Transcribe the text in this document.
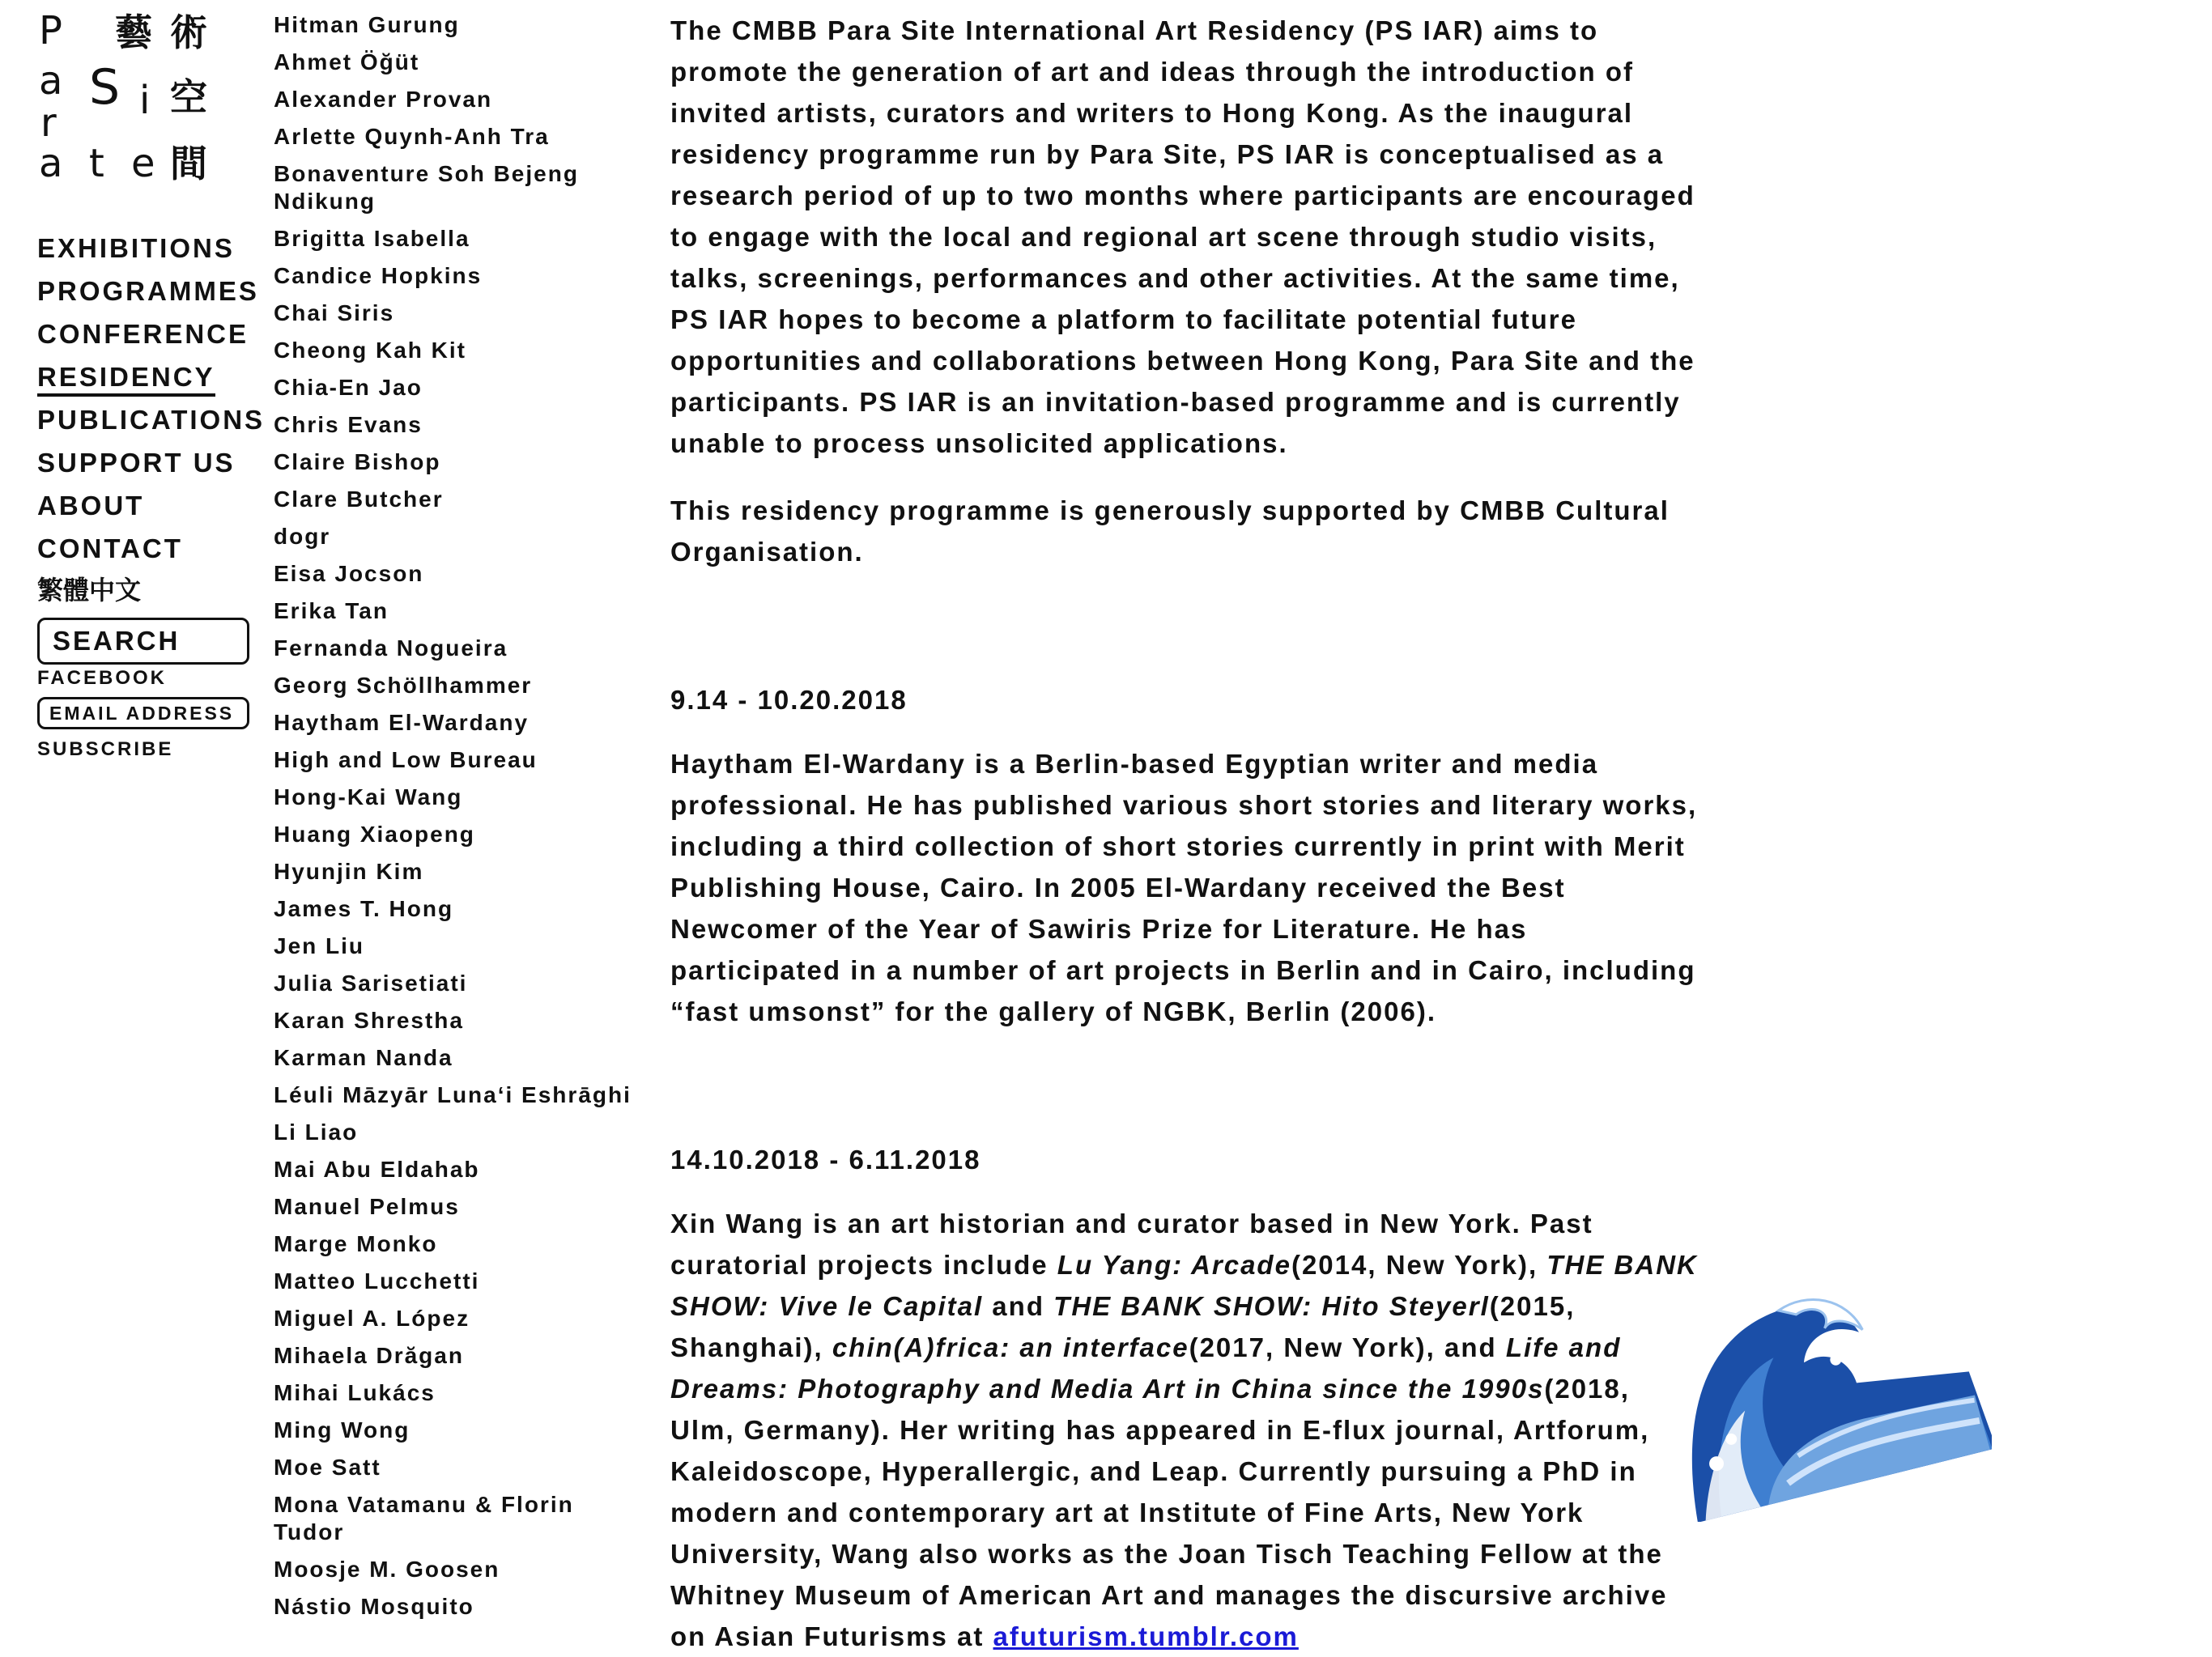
P
a
r
a
S i
t e
藝 術
空
間
EXHIBITIONS
PROGRAMMES
CONFERENCE
RESIDENCY
PUBLICATIONS
SUPPORT US
ABOUT
CONTACT
繁體中文
SEARCH
FACEBOOK
EMAIL ADDRESS
SUBSCRIBE
Hitman Gurung
Ahmet Öğüt
Alexander Provan
Arlette Quynh-Anh Tra
Bonaventure Soh Bejeng Ndikung
Brigitta Isabella
Candice Hopkins
Chai Siris
Cheong Kah Kit
Chia-En Jao
Chris Evans
Claire Bishop
Clare Butcher
dogr
Eisa Jocson
Erika Tan
Fernanda Nogueira
Georg Schöllhammer
Haytham El-Wardany
High and Low Bureau
Hong-Kai Wang
Huang Xiaopeng
Hyunjin Kim
James T. Hong
Jen Liu
Julia Sarisetiati
Karan Shrestha
Karman Nanda
Léuli Māzyār Luna‘i Eshrāghi
Li Liao
Mai Abu Eldahab
Manuel Pelmus
Marge Monko
Matteo Lucchetti
Miguel A. López
Mihaela Drăgan
Mihai Lukács
Ming Wong
Moe Satt
Mona Vatamanu & Florin Tudor
Moosje M. Goosen
Nástio Mosquito

The CMBB Para Site International Art Residency (PS IAR) aims to promote the generation of art and ideas through the introduction of invited artists, curators and writers to Hong Kong. As the inaugural residency programme run by Para Site, PS IAR is conceptualised as a research period of up to two months where participants are encouraged to engage with the local and regional art scene through studio visits, talks, screenings, performances and other activities. At the same time, PS IAR hopes to become a platform to facilitate potential future opportunities and collaborations between Hong Kong, Para Site and the participants. PS IAR is an invitation-based programme and is currently unable to process unsolicited applications.

This residency programme is generously supported by CMBB Cultural Organisation.

9.14 - 10.20.2018

Haytham El-Wardany is a Berlin-based Egyptian writer and media professional. He has published various short stories and literary works, including a third collection of short stories currently in print with Merit Publishing House, Cairo. In 2005 El-Wardany received the Best Newcomer of the Year of Sawiris Prize for Literature. He has participated in a number of art projects in Berlin and in Cairo, including “fast umsonst” for the gallery of NGBK, Berlin (2006).

14.10.2018 - 6.11.2018

Xin Wang is an art historian and curator based in New York. Past curatorial projects include Lu Yang: Arcade(2014, New York), THE BANK SHOW: Vive le Capital and THE BANK SHOW: Hito Steyerl(2015, Shanghai), chin(A)frica: an interface(2017, New York), and Life and Dreams: Photography and Media Art in China since the 1990s(2018, Ulm, Germany). Her writing has appeared in E-flux journal, Artforum, Kaleidoscope, Hyperallergic, and Leap. Currently pursuing a PhD in modern and contemporary art at Institute of Fine Arts, New York University, Wang also works as the Joan Tisch Teaching Fellow at the Whitney Museum of American Art and manages the discursive archive on Asian Futurisms at afuturism.tumblr.com
